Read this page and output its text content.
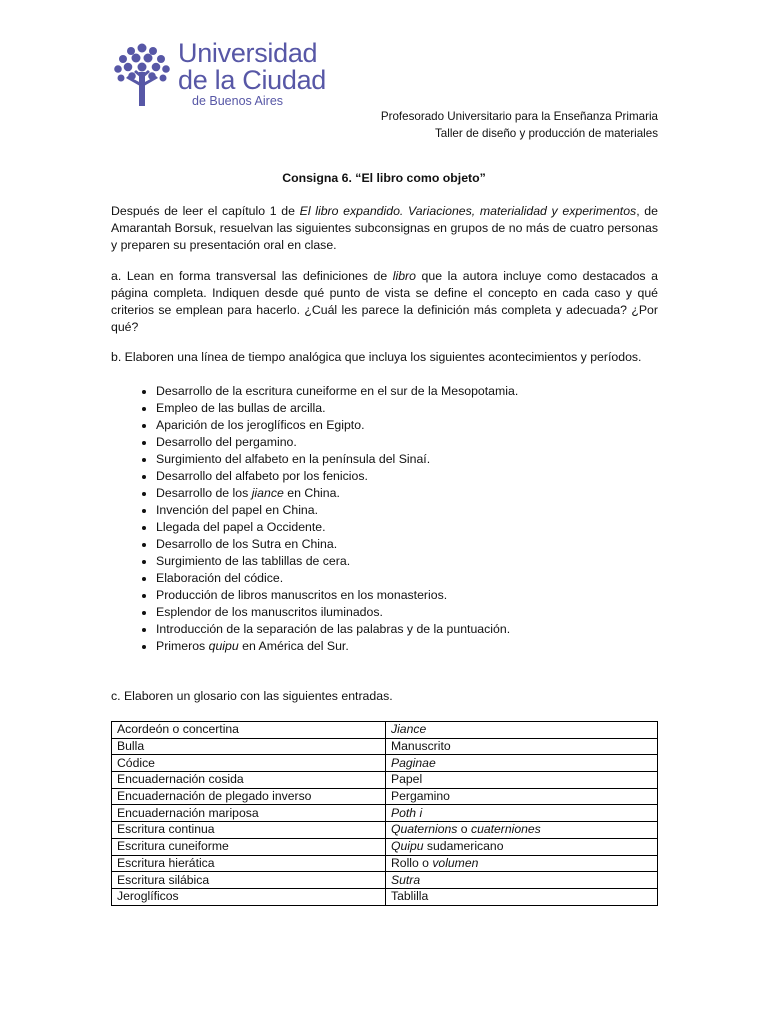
Universidad
de la Ciudad
de Buenos Aires
Profesorado Universitario para la Enseñanza Primaria
Taller de diseño y producción de materiales
Consigna 6. “El libro como objeto”
Después de leer el capítulo 1 de El libro expandido. Variaciones, materialidad y experimentos, de Amarantah Borsuk, resuelvan las siguientes subconsignas en grupos de no más de cuatro personas y preparen su presentación oral en clase.
a. Lean en forma transversal las definiciones de libro que la autora incluye como destacados a página completa. Indiquen desde qué punto de vista se define el concepto en cada caso y qué criterios se emplean para hacerlo. ¿Cuál les parece la definición más completa y adecuada? ¿Por qué?
b. Elaboren una línea de tiempo analógica que incluya los siguientes acontecimientos y períodos.
• Desarrollo de la escritura cuneiforme en el sur de la Mesopotamia.
• Empleo de las bullas de arcilla.
• Aparición de los jeroglíficos en Egipto.
• Desarrollo del pergamino.
• Surgimiento del alfabeto en la península del Sinaí.
• Desarrollo del alfabeto por los fenicios.
• Desarrollo de los jiance en China.
• Invención del papel en China.
• Llegada del papel a Occidente.
• Desarrollo de los Sutra en China.
• Surgimiento de las tablillas de cera.
• Elaboración del códice.
• Producción de libros manuscritos en los monasterios.
• Esplendor de los manuscritos iluminados.
• Introducción de la separación de las palabras y de la puntuación.
• Primeros quipu en América del Sur.
c. Elaboren un glosario con las siguientes entradas.
Acordeón o concertina	Jiance
Bulla	Manuscrito
Códice	Paginae
Encuadernación cosida	Papel
Encuadernación de plegado inverso	Pergamino
Encuadernación mariposa	Poth i
Escritura continua	Quaternions o cuaterniones
Escritura cuneiforme	Quipu sudamericano
Escritura hierática	Rollo o volumen
Escritura silábica	Sutra
Jeroglíficos	Tablilla
